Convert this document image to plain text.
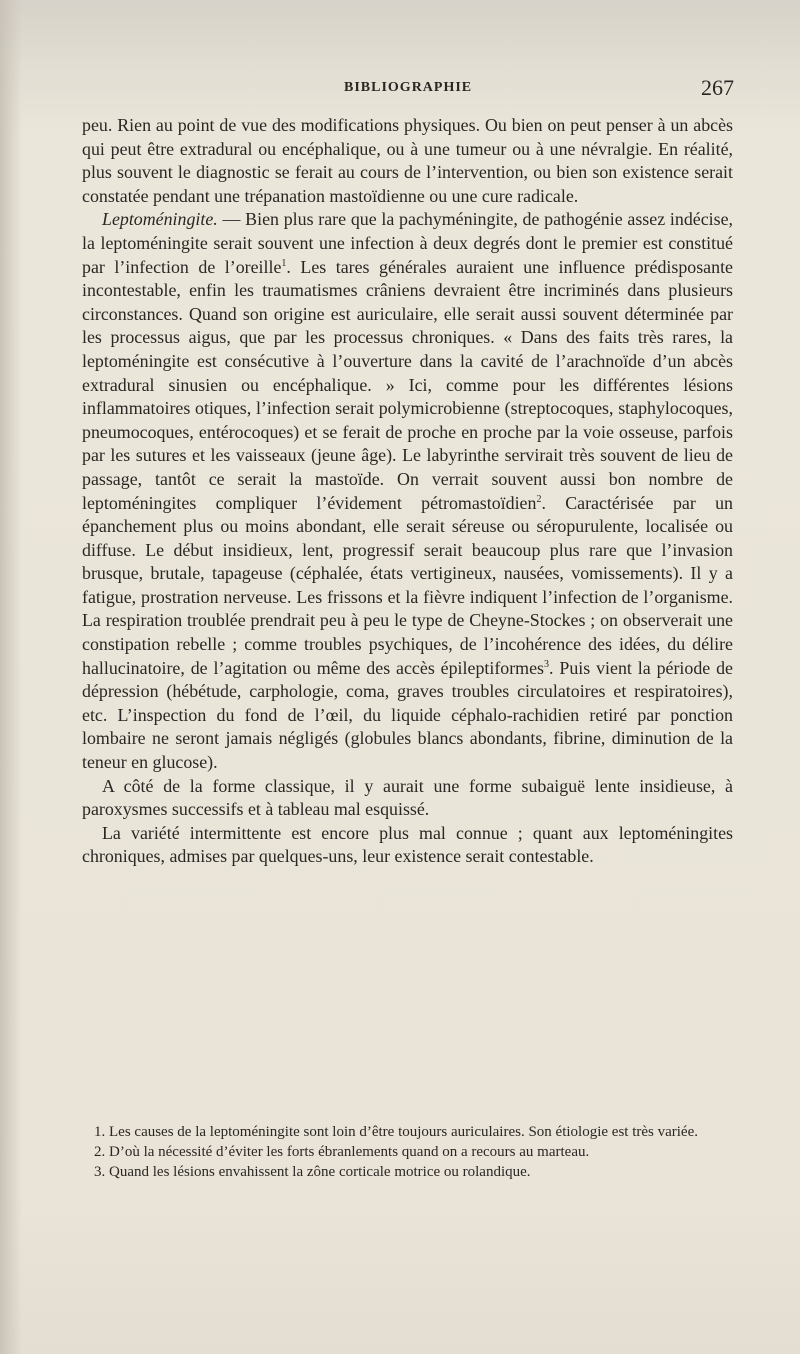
BIBLIOGRAPHIE	267

peu. Rien au point de vue des modifications physiques. Ou bien on peut penser à un abcès qui peut être extradural ou encéphalique, ou à une tumeur ou à une névralgie. En réalité, plus souvent le diagnostic se ferait au cours de l’intervention, ou bien son existence serait constatée pendant une trépanation mastoïdienne ou une cure radicale.

Leptoméningite. — Bien plus rare que la pachyméningite, de pathogénie assez indécise, la leptoméningite serait souvent une infection à deux degrés dont le premier est constitué par l’infection de l’oreille$^1$. Les tares générales auraient une influence prédisposante incontestable, enfin les traumatismes crâniens devraient être incriminés dans plusieurs circonstances. Quand son origine est auriculaire, elle serait aussi souvent déterminée par les processus aigus, que par les processus chroniques. « Dans des faits très rares, la leptoméningite est consécutive à l’ouverture dans la cavité de l’arachnoïde d’un abcès extradural sinusien ou encéphalique. » Ici, comme pour les différentes lésions inflammatoires otiques, l’infection serait polymicrobienne (streptocoques, staphylocoques, pneumocoques, entérocoques) et se ferait de proche en proche par la voie osseuse, parfois par les sutures et les vaisseaux (jeune âge). Le labyrinthe servirait très souvent de lieu de passage, tantôt ce serait la mastoïde. On verrait souvent aussi bon nombre de leptoméningites compliquer l’évidement pétromastoïdien$^2$. Caractérisée par un épanchement plus ou moins abondant, elle serait séreuse ou séropurulente, localisée ou diffuse. Le début insidieux, lent, progressif serait beaucoup plus rare que l’invasion brusque, brutale, tapageuse (céphalée, états vertigineux, nausées, vomissements). Il y a fatigue, prostration nerveuse. Les frissons et la fièvre indiquent l’infection de l’organisme. La respiration troublée prendrait peu à peu le type de Cheyne-Stockes ; on observerait une constipation rebelle ; comme troubles psychiques, de l’incohérence des idées, du délire hallucinatoire, de l’agitation ou même des accès épileptiformes$^3$. Puis vient la période de dépression (hébétude, carphologie, coma, graves troubles circulatoires et respiratoires), etc. L’inspection du fond de l’œil, du liquide céphalo-rachidien retiré par ponction lombaire ne seront jamais négligés (globules blancs abondants, fibrine, diminution de la teneur en glucose).

A côté de la forme classique, il y aurait une forme subaiguë lente insidieuse, à paroxysmes successifs et à tableau mal esquissé.

La variété intermittente est encore plus mal connue ; quant aux leptoméningites chroniques, admises par quelques-uns, leur existence serait contestable.

1. Les causes de la leptoméningite sont loin d’être toujours auriculaires. Son étiologie est très variée.

2. D’où la nécessité d’éviter les forts ébranlements quand on a recours au marteau.

3. Quand les lésions envahissent la zône corticale motrice ou rolandique.
